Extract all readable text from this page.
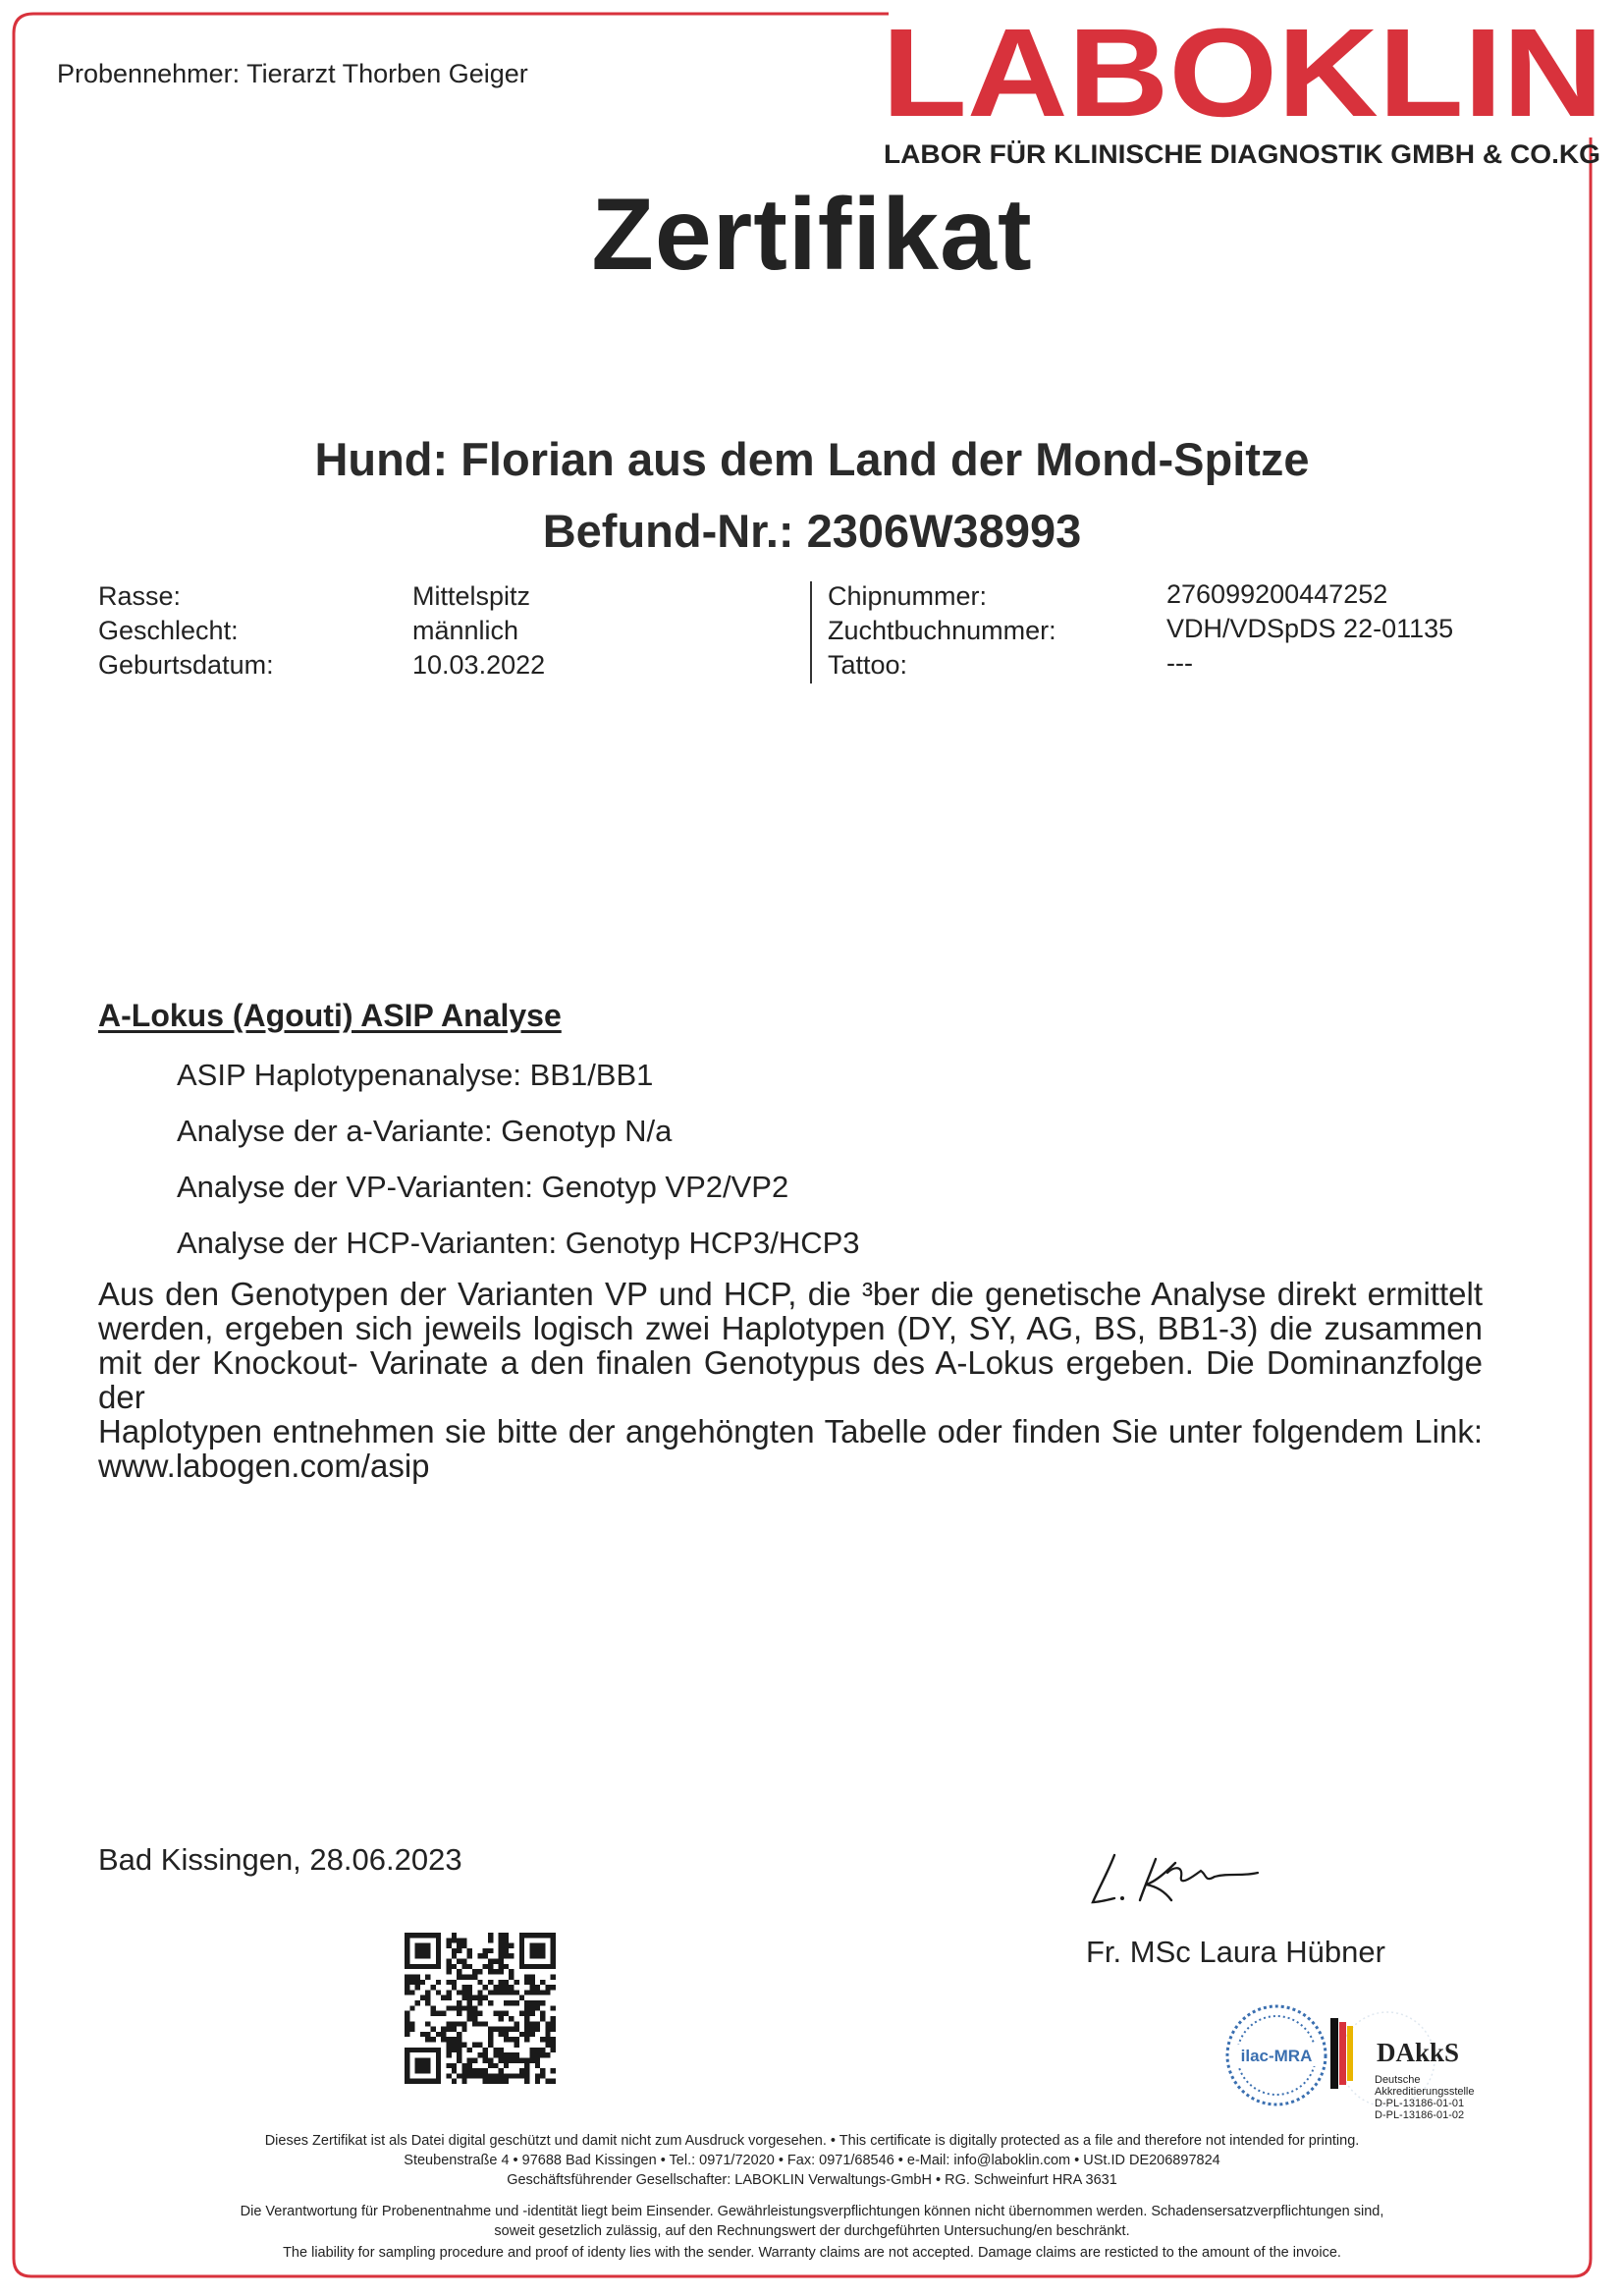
Probennehmer: Tierarzt Thorben Geiger	LABOKLIN
LABOR FÜR KLINISCHE DIAGNOSTIK GMBH & CO.KG
Zertifikat
Hund: Florian aus dem Land der Mond-Spitze
Befund-Nr.: 2306W38993
Rasse:	Mittelspitz
Geschlecht:	männlich
Geburtsdatum:	10.03.2022
Chipnummer:	276099200447252
Zuchtbuchnummer:	VDH/VDSpDS 22-01135
Tattoo:	---
A-Lokus (Agouti) ASIP Analyse
ASIP Haplotypenanalyse: BB1/BB1
Analyse der a-Variante: Genotyp N/a
Analyse der VP-Varianten: Genotyp VP2/VP2
Analyse der HCP-Varianten: Genotyp HCP3/HCP3
Aus den Genotypen der Varianten VP und HCP, die ³ber die genetische Analyse direkt ermittelt
werden, ergeben sich jeweils logisch zwei Haplotypen (DY, SY, AG, BS, BB1-3) die zusammen
mit der Knockout- Varinate a den finalen Genotypus des A-Lokus ergeben. Die Dominanzfolge der
Haplotypen entnehmen sie bitte der angehöngten Tabelle oder finden Sie unter folgendem Link:
www.labogen.com/asip
Bad Kissingen, 28.06.2023
Fr. MSc Laura Hübner
ilac-MRA DAkkS
Deutsche
Akkreditierungsstelle
D-PL-13186-01-01
D-PL-13186-01-02
Dieses Zertifikat ist als Datei digital geschützt und damit nicht zum Ausdruck vorgesehen. • This certificate is digitally protected as a file and therefore not intended for printing.
Steubenstraße 4 • 97688 Bad Kissingen • Tel.: 0971/72020 • Fax: 0971/68546 • e-Mail: info@laboklin.com • USt.ID DE206897824
Geschäftsführender Gesellschafter: LABOKLIN Verwaltungs-GmbH • RG. Schweinfurt HRA 3631
Die Verantwortung für Probenentnahme und -identität liegt beim Einsender. Gewährleistungsverpflichtungen können nicht übernommen werden. Schadensersatzverpflichtungen sind,
soweit gesetzlich zulässig, auf den Rechnungswert der durchgeführten Untersuchung/en beschränkt.
The liability for sampling procedure and proof of identy lies with the sender. Warranty claims are not accepted. Damage claims are resticted to the amount of the invoice.
